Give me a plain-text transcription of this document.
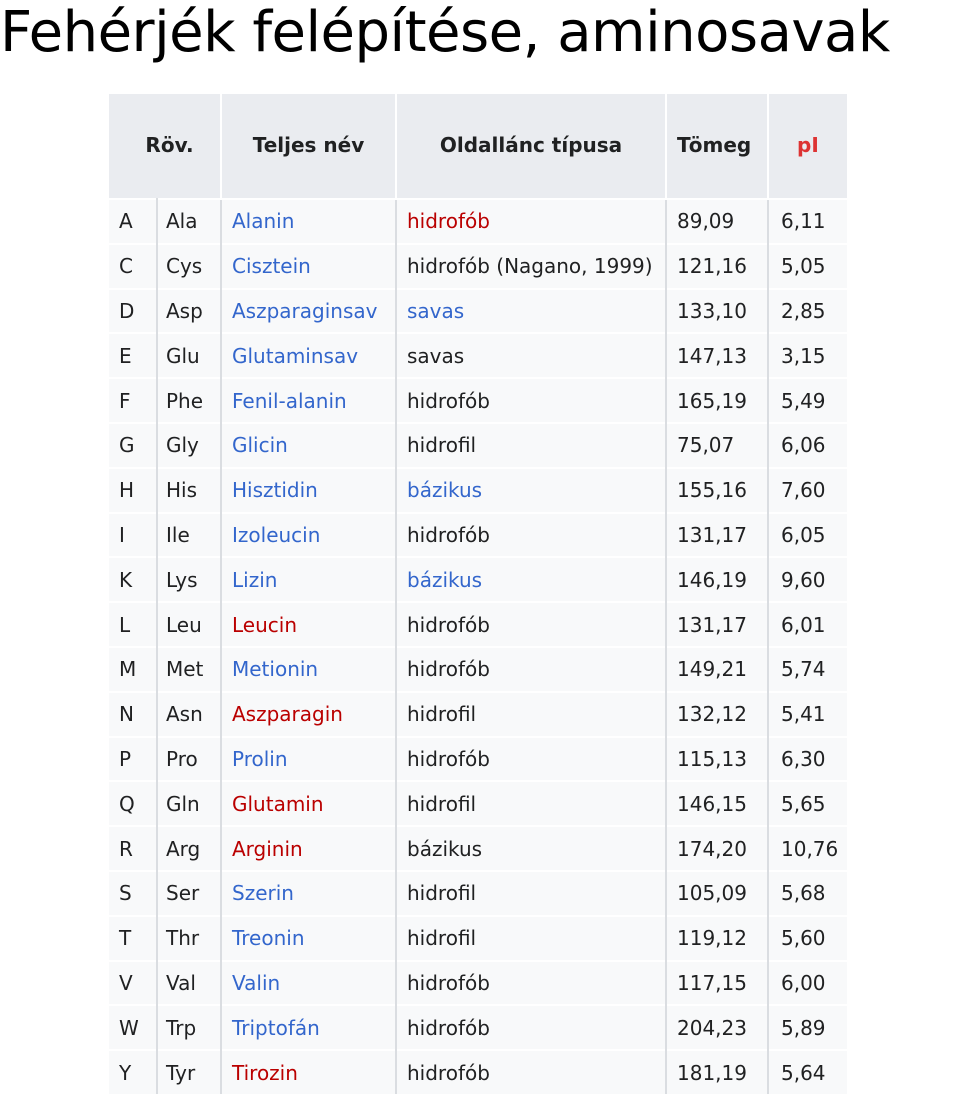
Fehérjék felépítése, aminosavak
Röv.		Teljes név	Oldallánc típusa	Tömeg	pI
A	Ala	Alanin	hidrofób	89,09	6,11
C	Cys	Cisztein	hidrofób (Nagano, 1999)	121,16	5,05
D	Asp	Aszparaginsav	savas	133,10	2,85
E	Glu	Glutaminsav	savas	147,13	3,15
F	Phe	Fenil-alanin	hidrofób	165,19	5,49
G	Gly	Glicin	hidrofil	75,07	6,06
H	His	Hisztidin	bázikus	155,16	7,60
I	Ile	Izoleucin	hidrofób	131,17	6,05
K	Lys	Lizin	bázikus	146,19	9,60
L	Leu	Leucin	hidrofób	131,17	6,01
M	Met	Metionin	hidrofób	149,21	5,74
N	Asn	Aszparagin	hidrofil	132,12	5,41
P	Pro	Prolin	hidrofób	115,13	6,30
Q	Gln	Glutamin	hidrofil	146,15	5,65
R	Arg	Arginin	bázikus	174,20	10,76
S	Ser	Szerin	hidrofil	105,09	5,68
T	Thr	Treonin	hidrofil	119,12	5,60
V	Val	Valin	hidrofób	117,15	6,00
W	Trp	Triptofán	hidrofób	204,23	5,89
Y	Tyr	Tirozin	hidrofób	181,19	5,64
